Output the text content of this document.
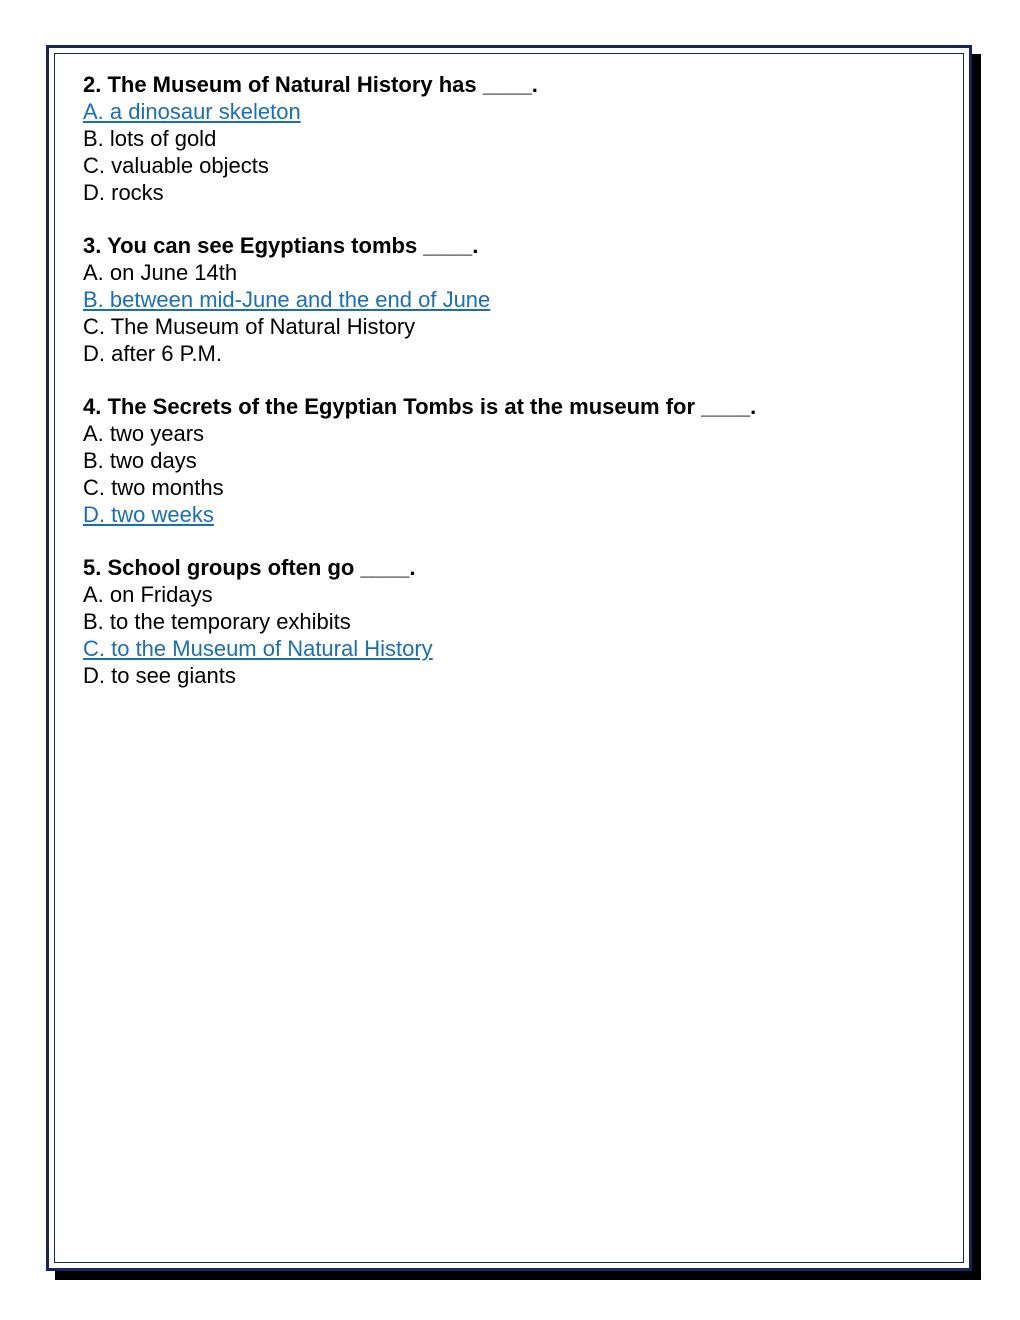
2. The Museum of Natural History has ____.
A. a dinosaur skeleton
B. lots of gold
C. valuable objects
D. rocks
3. You can see Egyptians tombs ____.
A. on June 14th
B. between mid-June and the end of June
C. The Museum of Natural History
D. after 6 P.M.
4. The Secrets of the Egyptian Tombs is at the museum for ____.
A. two years
B. two days
C. two months
D. two weeks
5. School groups often go ____.
A. on Fridays
B. to the temporary exhibits
C. to the Museum of Natural History
D. to see giants
